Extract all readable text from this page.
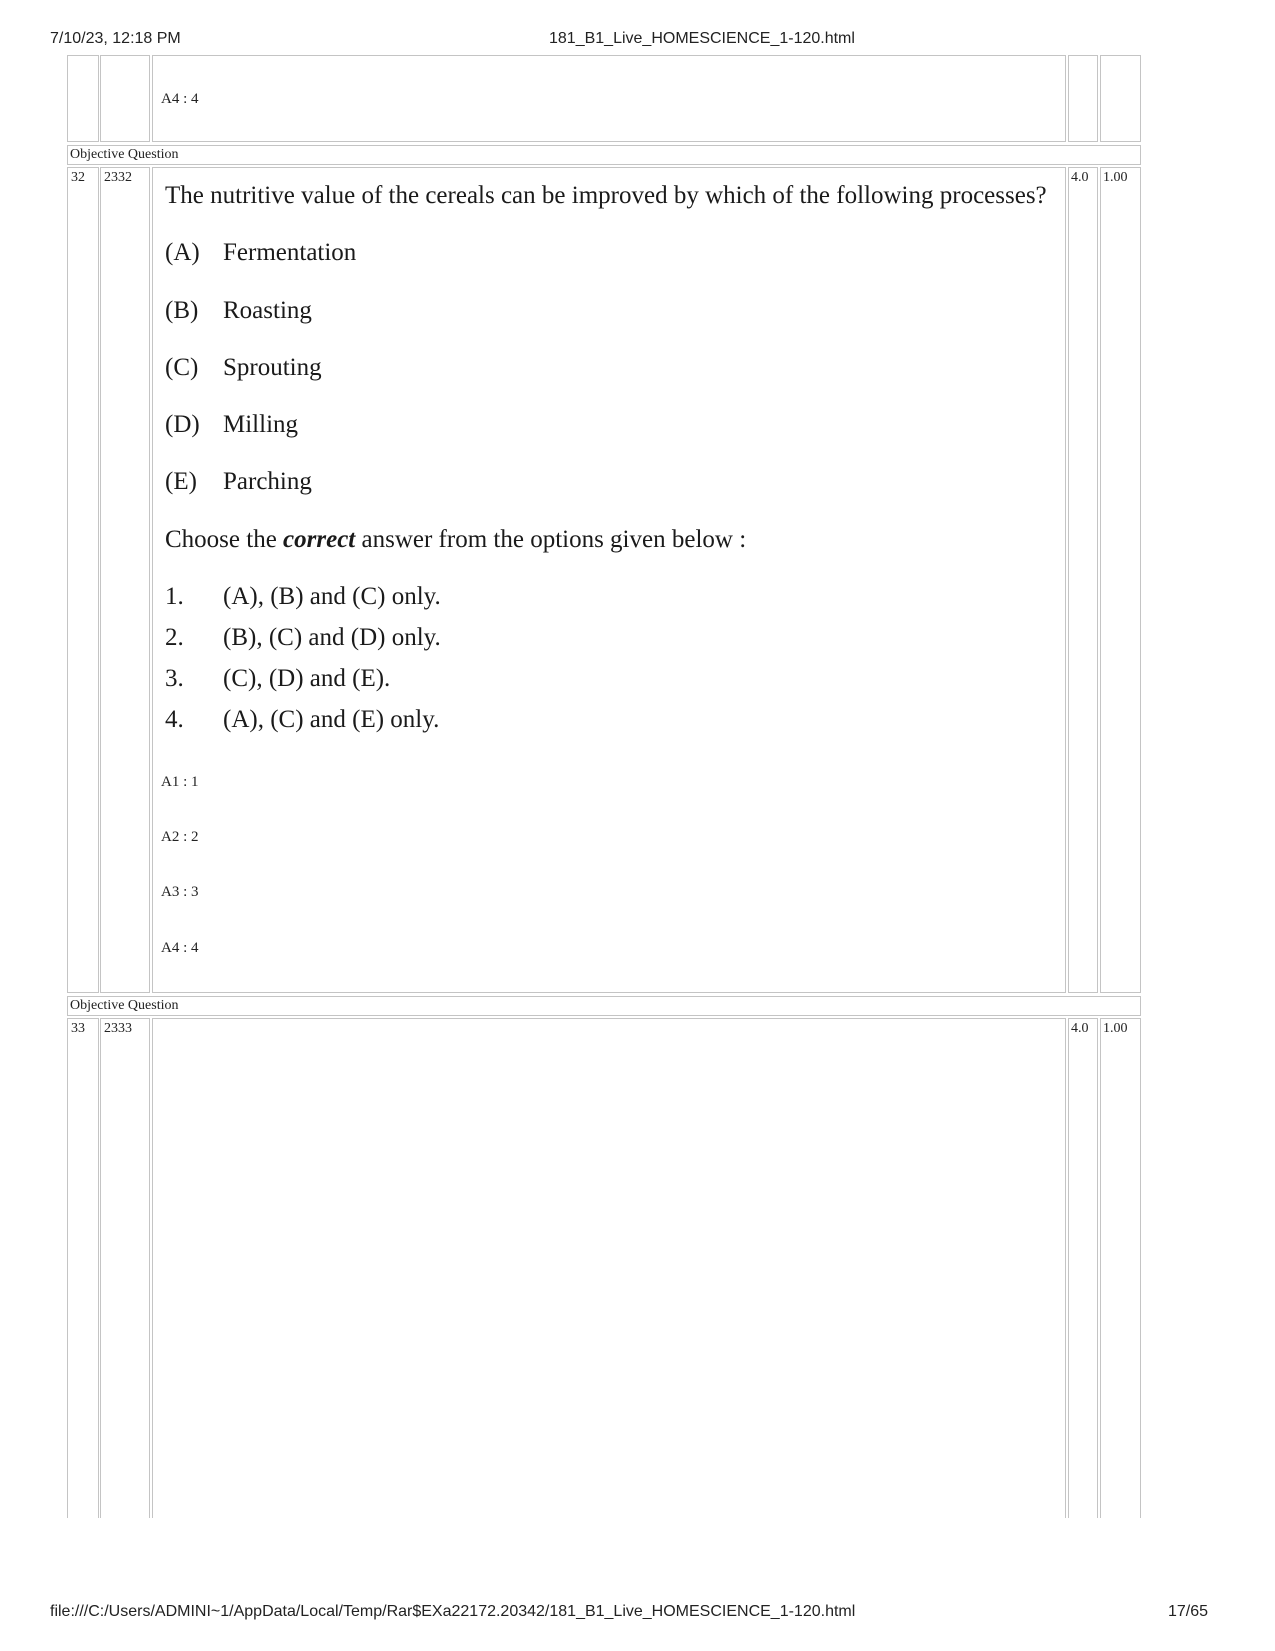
7/10/23, 12:18 PM	181_B1_Live_HOMESCIENCE_1-120.html
A4 : 4
Objective Question
32 2332
The nutritive value of the cereals can be improved by which of the following processes?
(A) Fermentation
(B) Roasting
(C) Sprouting
(D) Milling
(E) Parching
Choose the correct answer from the options given below :
1. (A), (B) and (C) only.
2. (B), (C) and (D) only.
3. (C), (D) and (E).
4. (A), (C) and (E) only.
A1 : 1
A2 : 2
A3 : 3
A4 : 4
4.0 1.00
Objective Question
33 2333	4.0 1.00
file:///C:/Users/ADMINI~1/AppData/Local/Temp/Rar$EXa22172.20342/181_B1_Live_HOMESCIENCE_1-120.html	17/65
